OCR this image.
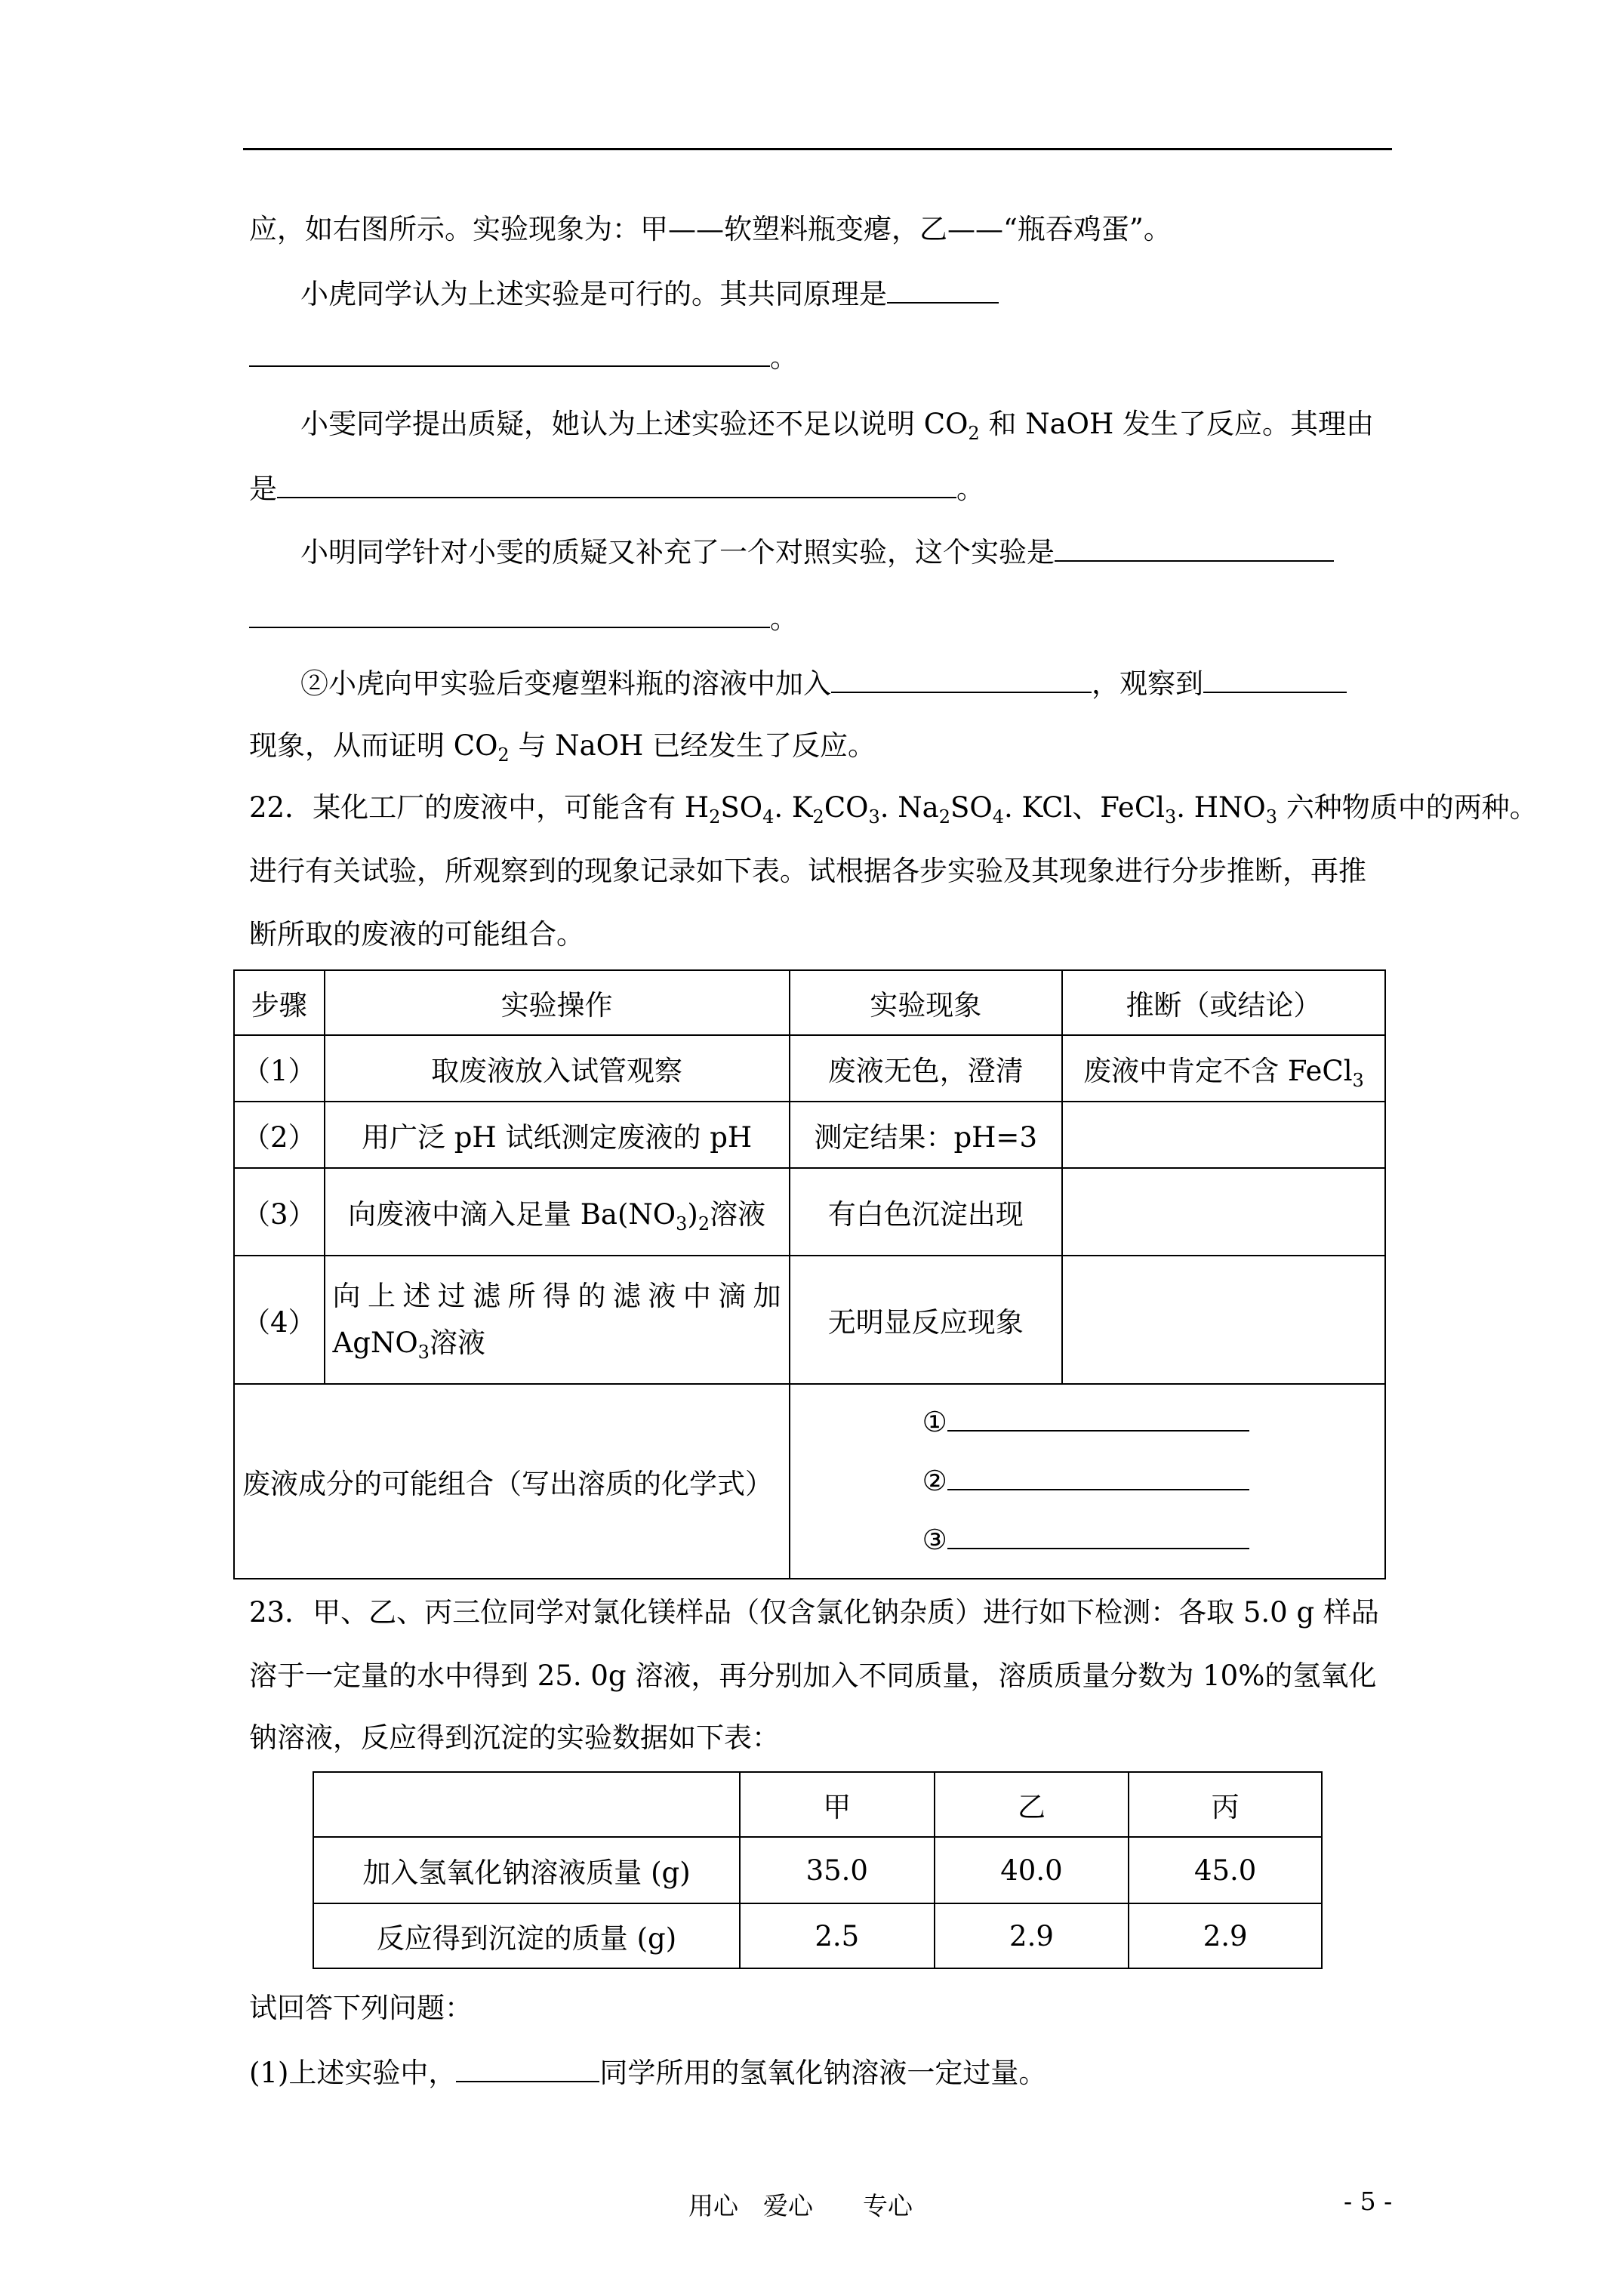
应，如右图所示。实验现象为：甲——软塑料瓶变瘪，乙——“瓶吞鸡蛋”。
小虎同学认为上述实验是可行的。其共同原理是
。
小雯同学提出质疑，她认为上述实验还不足以说明 $CO_2$ 和 NaOH 发生了反应。其理由
是	。
小明同学针对小雯的质疑又补充了一个对照实验，这个实验是
。
②小虎向甲实验后变瘪塑料瓶的溶液中加入	，观察到
现象，从而证明 $CO_2$ 与 NaOH 已经发生了反应。
22．某化工厂的废液中，可能含有 $H_2SO_4$. $K_2CO_3$. $Na_2SO_4$. KCl、FeCl$_3$. $HNO_3$ 六种物质中的两种。
进行有关试验，所观察到的现象记录如下表。试根据各步实验及其现象进行分步推断，再推
断所取的废液的可能组合。
步骤	实验操作	实验现象	推断（或结论）
（1）	取废液放入试管观察	废液无色，澄清	废液中肯定不含 FeCl$_3$
（2）	用广泛 pH 试纸测定废液的 pH	测定结果：pH=3	
（3）	向废液中滴入足量 $Ba(NO_3)_2$溶液	有白色沉淀出现	
（4）	向上述过滤所得的滤液中滴加
AgNO$_3$溶液	无明显反应现象	
废液成分的可能组合（写出溶质的化学式）		①
②
③	
23．甲、乙、丙三位同学对氯化镁样品（仅含氯化钠杂质）进行如下检测：各取 5.0 g 样品
溶于一定量的水中得到 25. 0g 溶液，再分别加入不同质量，溶质质量分数为 10%的氢氧化
钠溶液，反应得到沉淀的实验数据如下表：
	甲	乙	丙
加入氢氧化钠溶液质量 (g)	35.0	40.0	45.0
反应得到沉淀的质量 (g)	2.5	2.9	2.9
试回答下列问题：
(1)上述实验中，	同学所用的氢氧化钠溶液一定过量。
用心　爱心　　专心	- 5 -
